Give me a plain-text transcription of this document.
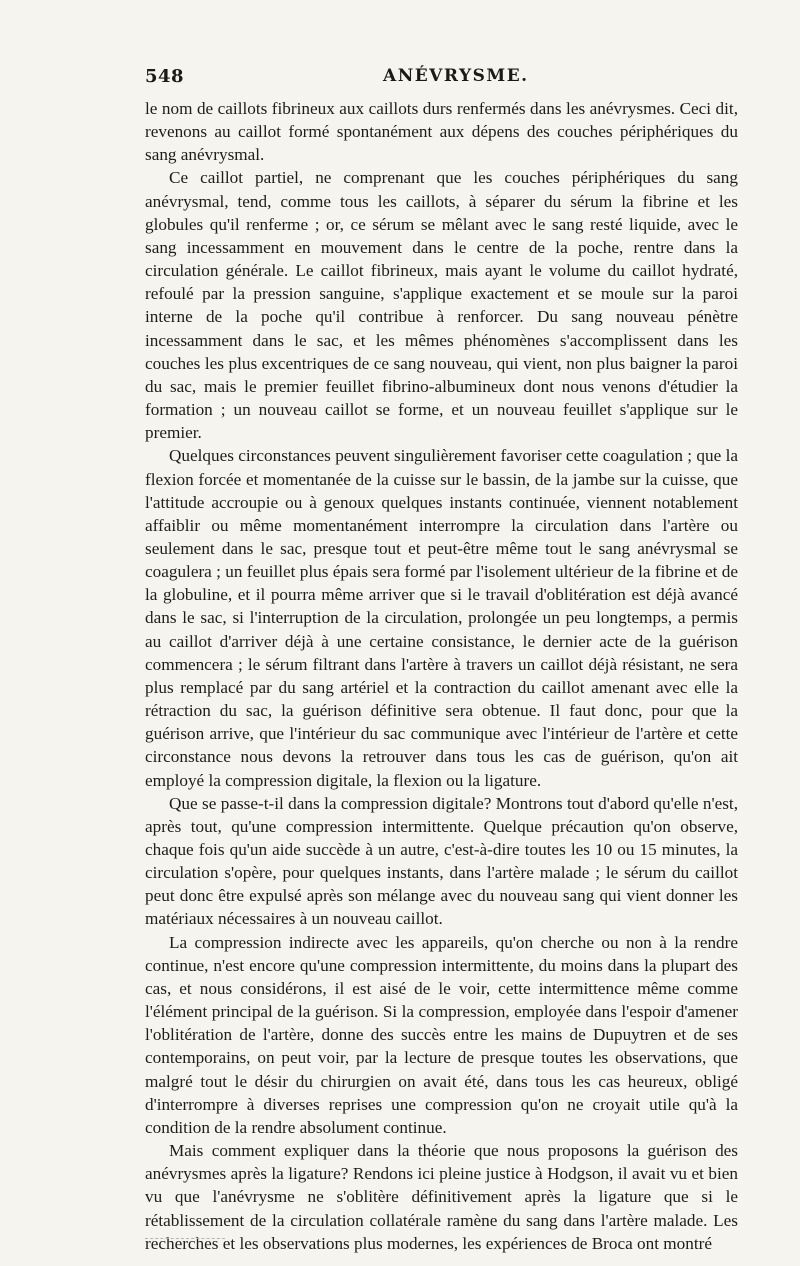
548	ANÉVRYSME.

le nom de caillots fibrineux aux caillots durs renfermés dans les anévrysmes. Ceci dit, revenons au caillot formé spontanément aux dépens des couches périphériques du sang anévrysmal.

Ce caillot partiel, ne comprenant que les couches périphériques du sang anévrysmal, tend, comme tous les caillots, à séparer du sérum la fibrine et les globules qu'il renferme ; or, ce sérum se mêlant avec le sang resté liquide, avec le sang incessamment en mouvement dans le centre de la poche, rentre dans la circulation générale. Le caillot fibrineux, mais ayant le volume du caillot hydraté, refoulé par la pression sanguine, s'applique exactement et se moule sur la paroi interne de la poche qu'il contribue à renforcer. Du sang nouveau pénètre incessamment dans le sac, et les mêmes phénomènes s'accomplissent dans les couches les plus excentriques de ce sang nouveau, qui vient, non plus baigner la paroi du sac, mais le premier feuillet fibrino-albumineux dont nous venons d'étudier la formation ; un nouveau caillot se forme, et un nouveau feuillet s'applique sur le premier.

Quelques circonstances peuvent singulièrement favoriser cette coagulation ; que la flexion forcée et momentanée de la cuisse sur le bassin, de la jambe sur la cuisse, que l'attitude accroupie ou à genoux quelques instants continuée, viennent notablement affaiblir ou même momentanément interrompre la circulation dans l'artère ou seulement dans le sac, presque tout et peut-être même tout le sang anévrysmal se coagulera ; un feuillet plus épais sera formé par l'isolement ultérieur de la fibrine et de la globuline, et il pourra même arriver que si le travail d'oblitération est déjà avancé dans le sac, si l'interruption de la circulation, prolongée un peu longtemps, a permis au caillot d'arriver déjà à une certaine consistance, le dernier acte de la guérison commencera ; le sérum filtrant dans l'artère à travers un caillot déjà résistant, ne sera plus remplacé par du sang artériel et la contraction du caillot amenant avec elle la rétraction du sac, la guérison définitive sera obtenue. Il faut donc, pour que la guérison arrive, que l'intérieur du sac communique avec l'intérieur de l'artère et cette circonstance nous devons la retrouver dans tous les cas de guérison, qu'on ait employé la compression digitale, la flexion ou la ligature.

Que se passe-t-il dans la compression digitale? Montrons tout d'abord qu'elle n'est, après tout, qu'une compression intermittente. Quelque précaution qu'on observe, chaque fois qu'un aide succède à un autre, c'est-à-dire toutes les 10 ou 15 minutes, la circulation s'opère, pour quelques instants, dans l'artère malade ; le sérum du caillot peut donc être expulsé après son mélange avec du nouveau sang qui vient donner les matériaux nécessaires à un nouveau caillot.

La compression indirecte avec les appareils, qu'on cherche ou non à la rendre continue, n'est encore qu'une compression intermittente, du moins dans la plupart des cas, et nous considérons, il est aisé de le voir, cette intermittence même comme l'élément principal de la guérison. Si la compression, employée dans l'espoir d'amener l'oblitération de l'artère, donne des succès entre les mains de Dupuytren et de ses contemporains, on peut voir, par la lecture de presque toutes les observations, que malgré tout le désir du chirurgien on avait été, dans tous les cas heureux, obligé d'interrompre à diverses reprises une compression qu'on ne croyait utile qu'à la condition de la rendre absolument continue.

Mais comment expliquer dans la théorie que nous proposons la guérison des anévrysmes après la ligature? Rendons ici pleine justice à Hodgson, il avait vu et bien vu que l'anévrysme ne s'oblitère définitivement après la ligature que si le rétablissement de la circulation collatérale ramène du sang dans l'artère malade. Les recherches et les observations plus modernes, les expériences de Broca ont montré
